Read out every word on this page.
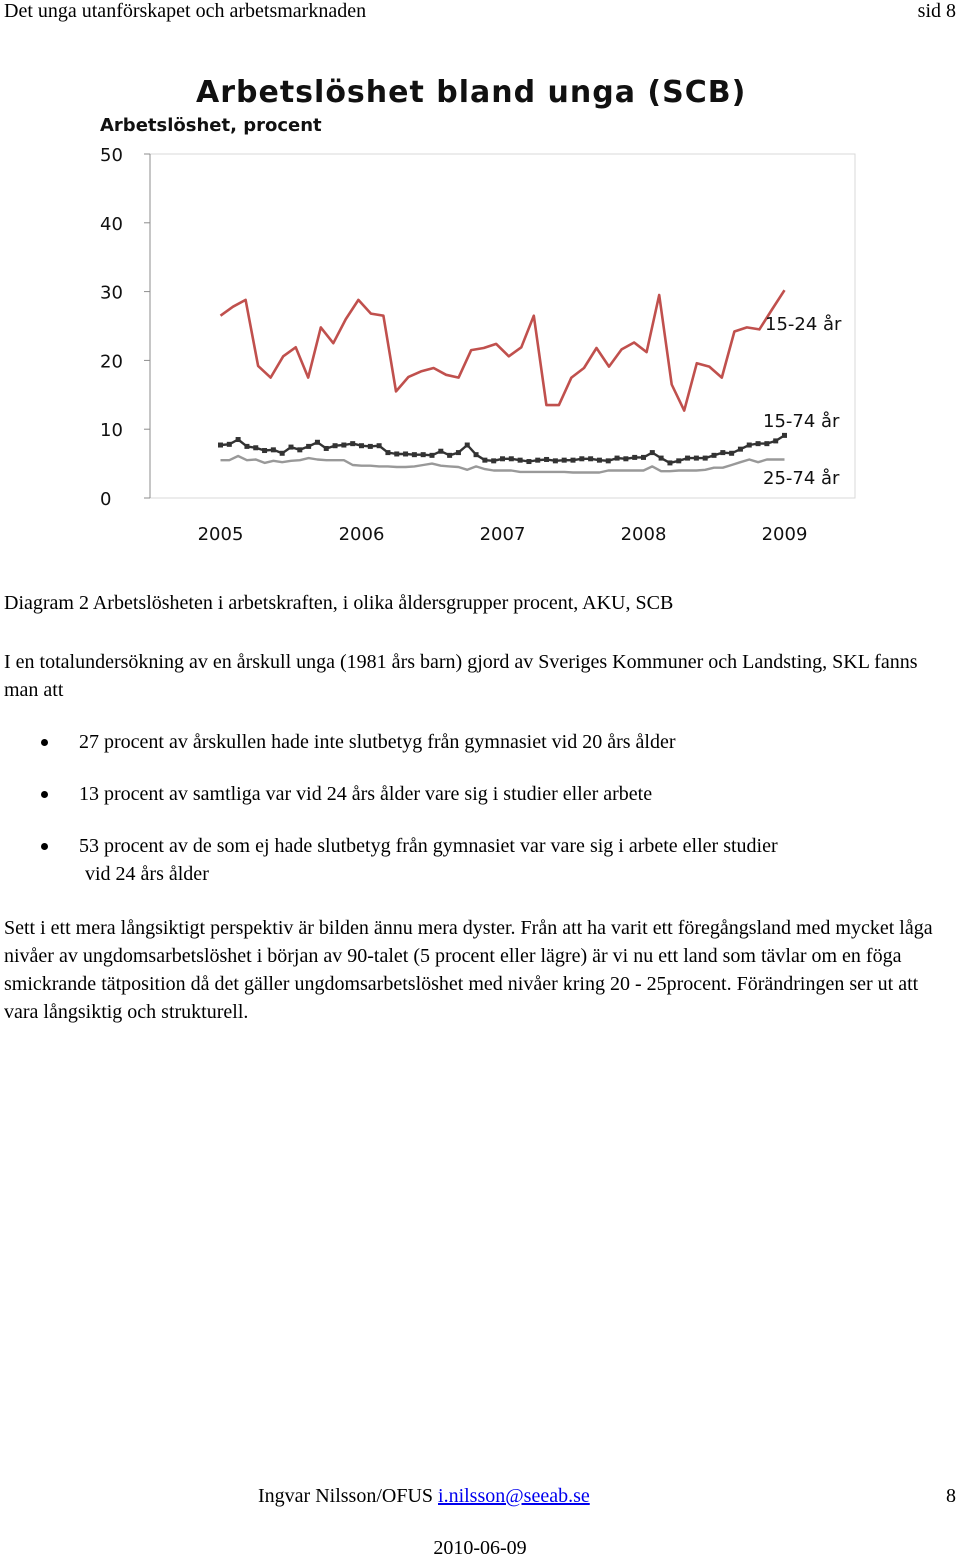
Det unga utanförskapet och arbetsmarknaden	sid 8
Arbetslöshet bland unga (SCB)
Arbetslöshet, procent
0
10
20
30
40
50
2005	2006	2007	2008	2009
15-24 år
15-74 år
25-74 år
Diagram 2 Arbetslösheten i arbetskraften, i olika åldersgrupper procent, AKU, SCB

I en totalundersökning av en årskull unga (1981 års barn) gjord av Sveriges Kommuner och Landsting, SKL fanns man att

27 procent av årskullen hade inte slutbetyg från gymnasiet vid 20 års ålder
13 procent av samtliga var vid 24 års ålder vare sig i studier eller arbete
53 procent av de som ej hade slutbetyg från gymnasiet var vare sig i arbete eller studier
vid 24 års ålder

Sett i ett mera långsiktigt perspektiv är bilden ännu mera dyster. Från att ha varit ett föregångsland med mycket låga nivåer av ungdomsarbetslöshet i början av 90-talet (5 procent eller lägre) är vi nu ett land som tävlar om en föga smickrande tätposition då det gäller ungdomsarbetslöshet med nivåer kring 20 - 25procent. Förändringen ser ut att vara långsiktig och strukturell.

Ingvar Nilsson/OFUS i.nilsson@seeab.se	8
2010-06-09
